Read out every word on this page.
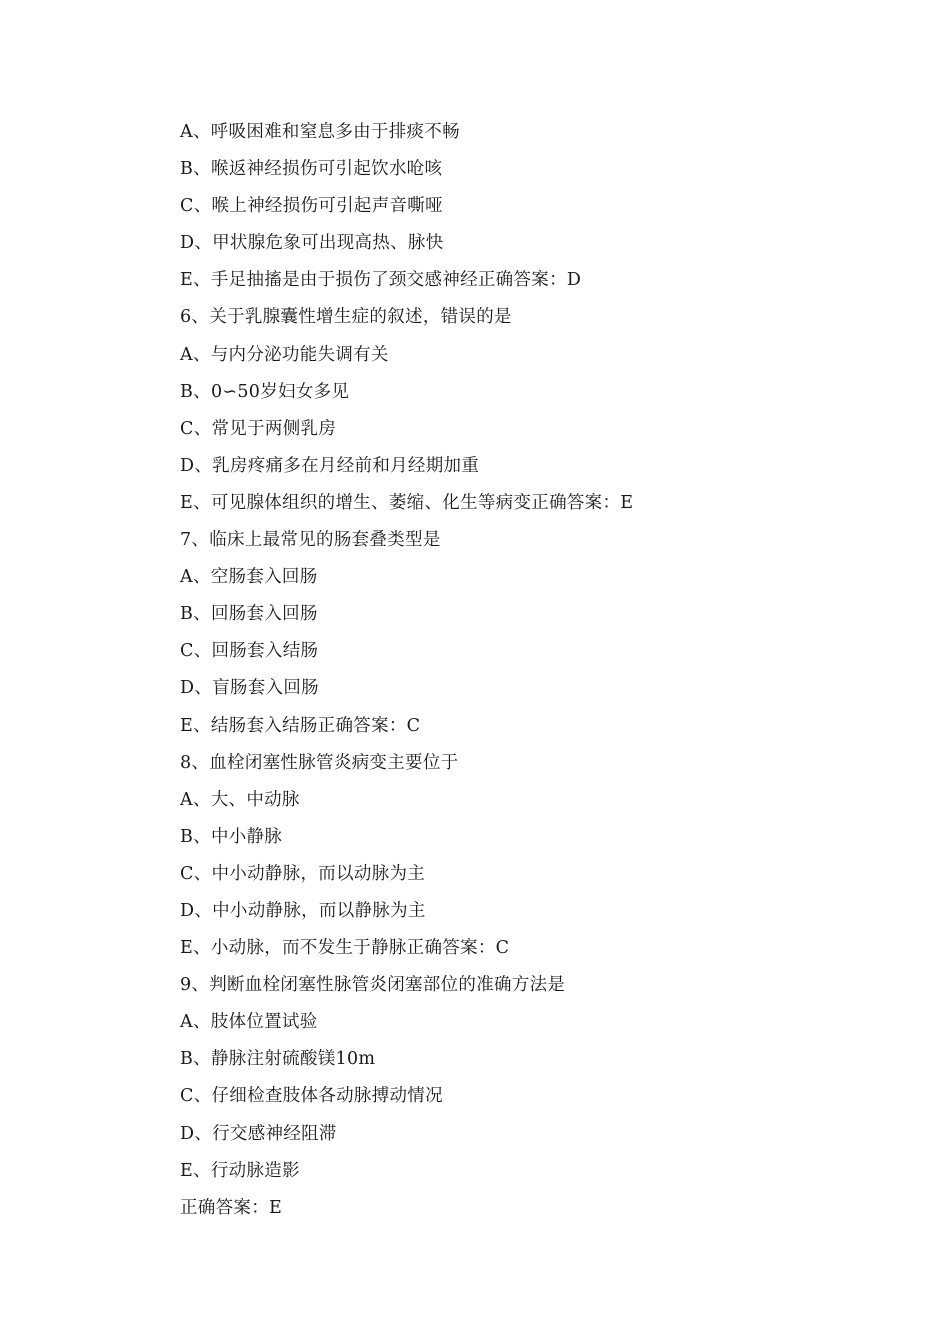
A、呼吸困难和窒息多由于排痰不畅
B、喉返神经损伤可引起饮水呛咳
C、喉上神经损伤可引起声音嘶哑
D、甲状腺危象可出现高热、脉快
E、手足抽搐是由于损伤了颈交感神经正确答案：D
6、关于乳腺囊性增生症的叙述，错误的是
A、与内分泌功能失调有关
B、0∽50岁妇女多见
C、常见于两侧乳房
D、乳房疼痛多在月经前和月经期加重
E、可见腺体组织的增生、萎缩、化生等病变正确答案：E
7、临床上最常见的肠套叠类型是
A、空肠套入回肠
B、回肠套入回肠
C、回肠套入结肠
D、盲肠套入回肠
E、结肠套入结肠正确答案：C
8、血栓闭塞性脉管炎病变主要位于
A、大、中动脉
B、中小静脉
C、中小动静脉，而以动脉为主
D、中小动静脉，而以静脉为主
E、小动脉，而不发生于静脉正确答案：C
9、判断血栓闭塞性脉管炎闭塞部位的准确方法是
A、肢体位置试验
B、静脉注射硫酸镁10m
C、仔细检查肢体各动脉搏动情况
D、行交感神经阻滞
E、行动脉造影
正确答案：E
